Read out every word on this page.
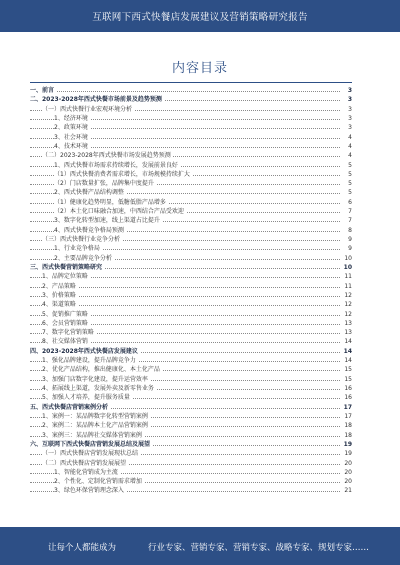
互联网下西式快餐店发展建议及营销策略研究报告
内容目录
一、前言	3
二、2023-2028年西式快餐市场前景及趋势预测	3
（一）西式快餐行业宏观环境分析	3
1、经济环境	3
2、政策环境	3
3、社会环境	4
4、技术环境	4
（二）2023-2028年西式快餐市场发展趋势预测	4
1、西式快餐市场需求持续增长，发展前景良好	5
（1）西式快餐消费者需求增长，市场规模持续扩大	5
（2）门店数量扩张，品牌集中度提升	5
2、西式快餐产品结构调整	5
（1）健康化趋势明显，低糖低脂产品增多	6
（2）本土化口味融合加速，中西结合产品受欢迎	7
3、数字化转型加速，线上渠道占比提升	7
4、西式快餐竞争格局预测	8
（三）西式快餐行业竞争分析	9
1、行业竞争格局	9
2、主要品牌竞争分析	10
三、西式快餐营销策略研究	10
1、品牌定位策略	11
2、产品策略	11
3、价格策略	12
4、渠道策略	12
5、促销推广策略	12
6、会员营销策略	13
7、数字化营销策略	13
8、社交媒体营销	14
四、2023-2028年西式快餐店发展建议	14
1、强化品牌建设，提升品牌竞争力	14
2、优化产品结构，推出健康化、本土化产品	15
3、加强门店数字化建设，提升运营效率	15
4、拓展线上渠道，发展外卖及新零售业务	16
5、加强人才培养，提升服务质量	16
五、西式快餐店营销案例分析	17
1、案例一：某品牌数字化转型营销案例	17
2、案例二：某品牌本土化产品营销案例	18
3、案例三：某品牌社交媒体营销案例	18
六、互联网下西式快餐店营销发展总结及展望	19
（一）西式快餐店营销发展现状总结	19
（二）西式快餐店营销发展展望	20
1、智能化营销成为主流	20
2、个性化、定制化营销需求增加	20
3、绿色环保营销理念深入	21
让每个人都能成为	行业专家、营销专家、营销专家、战略专家、规划专家……
